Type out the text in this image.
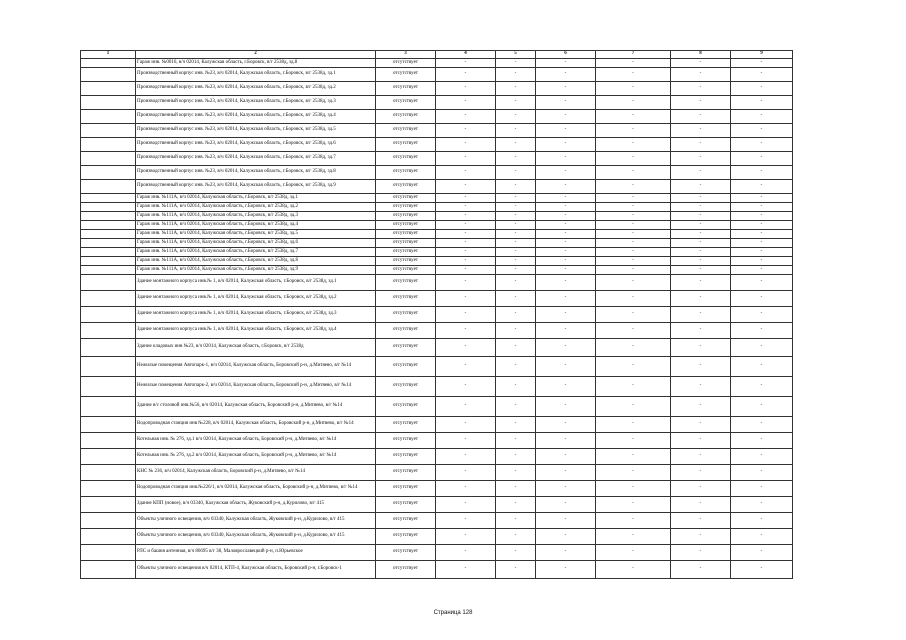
1	2	3	4	5	6	7	8	9
	Гараж инв. №0016, в/ч 02014, Калужская область, г.Боровск, в/г 2538д, зд.8	отсутствует	-	-	-	-	-	-
	Производственный корпус инв. №23, в/ч 02014, Калужская область, г.Боровск, в/г 2538д, зд.1	отсутствует	-	-	-	-	-	-
	Производственный корпус инв. №23, в/ч 02014, Калужская область, г.Боровск, в/г 2538д, зд.2	отсутствует	-	-	-	-	-	-
	Производственный корпус инв. №23, в/ч 02014, Калужская область, г.Боровск, в/г 2538д, зд.3	отсутствует	-	-	-	-	-	-
	Производственный корпус инв. №23, в/ч 02014, Калужская область, г.Боровск, в/г 2538д, зд.4	отсутствует	-	-	-	-	-	-
	Производственный корпус инв. №23, в/ч 02014, Калужская область, г.Боровск, в/г 2538д, зд.5	отсутствует	-	-	-	-	-	-
	Производственный корпус инв. №23, в/ч 02014, Калужская область, г.Боровск, в/г 2538д, зд.6	отсутствует	-	-	-	-	-	-
	Производственный корпус инв. №23, в/ч 02014, Калужская область, г.Боровск, в/г 2538д, зд.7	отсутствует	-	-	-	-	-	-
	Производственный корпус инв. №23, в/ч 02014, Калужская область, г.Боровск, в/г 2538д, зд.8	отсутствует	-	-	-	-	-	-
	Производственный корпус инв. №23, в/ч 02014, Калужская область, г.Боровск, в/г 2538д, зд.9	отсутствует	-	-	-	-	-	-
	Гараж инв. №111А, в/ч 02014, Калужская область, г.Боровск, в/г 2538д, зд.1	отсутствует	-	-	-	-	-	-
	Гараж инв. №111А, в/ч 02014, Калужская область, г.Боровск, в/г 2538д, зд.2	отсутствует	-	-	-	-	-	-
	Гараж инв. №111А, в/ч 02014, Калужская область, г.Боровск, в/г 2538д, зд.3	отсутствует	-	-	-	-	-	-
	Гараж инв. №111А, в/ч 02014, Калужская область, г.Боровск, в/г 2538д, зд.4	отсутствует	-	-	-	-	-	-
	Гараж инв. №111А, в/ч 02014, Калужская область, г.Боровск, в/г 2538д, зд.5	отсутствует	-	-	-	-	-	-
	Гараж инв. №111А, в/ч 02014, Калужская область, г.Боровск, в/г 2538д, зд.6	отсутствует	-	-	-	-	-	-
	Гараж инв. №111А, в/ч 02014, Калужская область, г.Боровск, в/г 2538д, зд.7	отсутствует	-	-	-	-	-	-
	Гараж инв. №111А, в/ч 02014, Калужская область, г.Боровск, в/г 2538д, зд.8	отсутствует	-	-	-	-	-	-
	Гараж инв. №111А, в/ч 02014, Калужская область, г.Боровск, в/г 2538д, зд.9	отсутствует	-	-	-	-	-	-
	Здание монтажного корпуса инв.№ 1, в/ч 02014, Калужская область, г.Боровск, в/г 2538д, зд.1	отсутствует	-	-	-	-	-	-
	Здание монтажного корпуса инв.№ 1, в/ч 02014, Калужская область, г.Боровск, в/г 2538д, зд.2	отсутствует	-	-	-	-	-	-
	Здание монтажного корпуса инв.№ 1, в/ч 02014, Калужская область, г.Боровск, в/г 2538д, зд.3	отсутствует	-	-	-	-	-	-
	Здание монтажного корпуса инв.№ 1, в/ч 02014, Калужская область, г.Боровск, в/г 2538д, зд.4	отсутствует	-	-	-	-	-	-
	Здание кладовых инв №23, в/ч 02014, Калужская область, г.Боровск, в/г 2538д	отсутствует	-	-	-	-	-	-
	Нежилые помещения Автопарк-1, в/ч 02014, Калужская область, Боровский р-н, д.Митяево, в/г №14	отсутствует	-	-	-	-	-	-
	Нежилые помещения Автопарк-2, в/ч 02014, Калужская область, Боровский р-н, д.Митяево, в/г №14	отсутствует	-	-	-	-	-	-
	Здание в/с столовой инв.№56, в/ч 02014, Калужская область, Боровский р-н, д.Митяево, в/г №14	отсутствует	-	-	-	-	-	-
	Водопроводная станция инв №228, в/ч 02014, Калужская область, Боровский р-н, д.Митяево, в/г №14	отсутствует	-	-	-	-	-	-
	Котельная инв. № 276, зд.1 в/ч 02014, Калужская область, Боровский р-н, д.Митяево, в/г №14	отсутствует	-	-	-	-	-	-
	Котельная инв. № 276, зд.2 в/ч 02014, Калужская область, Боровский р-н, д.Митяево, в/г №14	отсутствует	-	-	-	-	-	-
	КНС № 236, в/ч 02014, Калужская область, Боровский р-н, д.Митяево, в/г №14	отсутствует	-	-	-	-	-	-
	Водопроводная станция инв.№226/1, в/ч 02014, Калужская область, Боровский р-н, д.Митяево, в/г №14	отсутствует	-	-	-	-	-	-
	Здание КПП (новое), в/ч 03340, Калужская область, Жуковский р-н, д.Курилово, в/г 415	отсутствует	-	-	-	-	-	-
	Объекты уличного освещения, в/ч 03340, Калужская область, Жуковский р-н, д.Курилово, в/г 415	отсутствует	-	-	-	-	-	-
	Объекты уличного освещения, в/ч 03340, Калужская область, Жуковский р-н, д.Курилово, в/г 415	отсутствует	-	-	-	-	-	-
	РЛС и башня антенная, в/ч 86695 в/г 38, Малоярославецкий р-н, п.Юрьевское	отсутствует	-	-	-	-	-	-
	Объекты уличного освещения в/ч 02014, КТП-4, Калужская область, Боровский р-н, г.Боровск-1	отсутствует	-	-	-	-	-	-
Страница 128
